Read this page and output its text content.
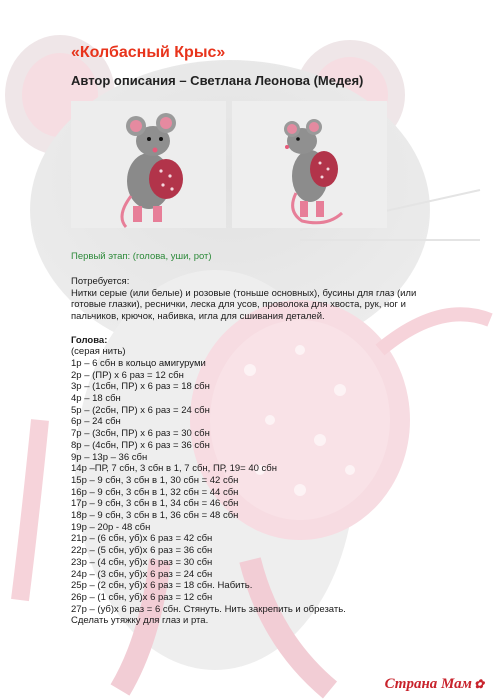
«Колбасный Крыс»
Автор описания – Светлана Леонова (Медея)
Первый этап: (голова, уши, рот)

Потребуется:

Нитки серые (или белые) и розовые (тоньше основных), бусины для глаз (или

готовые глазки), реснички, леска для усов, проволока для хвоста, рук, ног и

пальчиков, крючок, набивка, игла для сшивания деталей.

Голова:

(серая нить)

1р – 6 сбн в кольцо амигуруми

2р – (ПР) х 6 раз = 12 сбн

3р – (1сбн, ПР) х 6 раз = 18 сбн

4р – 18 сбн

5р – (2сбн, ПР) х 6 раз = 24 сбн

6р – 24 сбн

7р – (3сбн, ПР) х 6 раз = 30 сбн

8р – (4сбн, ПР) х 6 раз = 36 сбн

9р – 13р – 36 сбн

14р –ПР, 7 сбн, 3 сбн в 1, 7 сбн, ПР, 19= 40 сбн

15р – 9 сбн, 3 сбн в 1, 30 сбн = 42 сбн

16р – 9 сбн, 3 сбн в 1, 32 сбн = 44 сбн

17р – 9 сбн, 3 сбн в 1, 34 сбн = 46 сбн

18р – 9 сбн, 3 сбн в 1, 36 сбн = 48 сбн

19р – 20р - 48 сбн

21р – (6 сбн, уб)х 6 раз = 42 сбн

22р – (5 сбн, уб)х 6 раз = 36 сбн

23р – (4 сбн, уб)х 6 раз = 30 сбн

24р – (3 сбн, уб)х 6 раз = 24 сбн

25р – (2 сбн, уб)х 6 раз = 18 сбн. Набить.

26р – (1 сбн, уб)х 6 раз = 12 сбн

27р – (уб)х 6 раз = 6 сбн. Стянуть. Нить закрепить и обрезать.

Сделать утяжку для глаз и рта.

Страна Мам ✿
